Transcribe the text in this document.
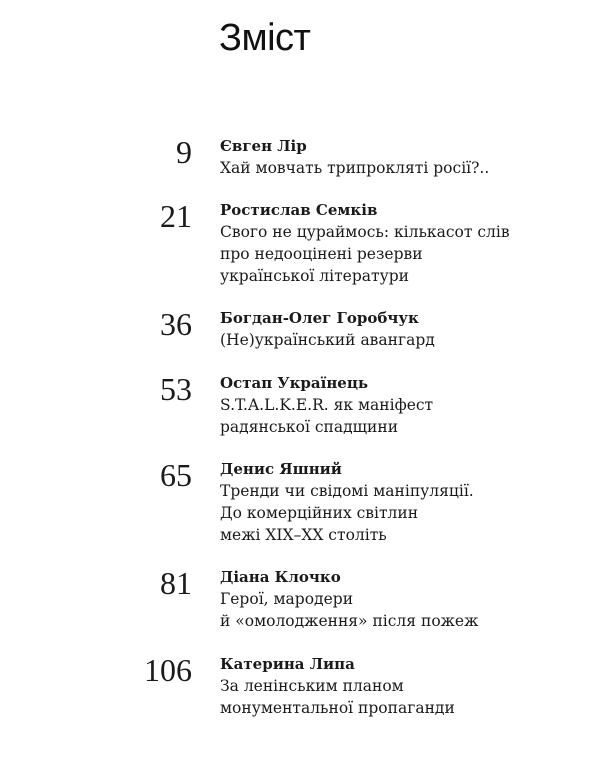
Зміст
9 Євген Лір
Хай мовчать трипрокляті росії?..
21 Ростислав Семків
Свого не цураймось: кількасот слів
про недооцінені резерви
української літератури
36 Богдан-Олег Горобчук
(Не)український авангард
53 Остап Українець
S.T.A.L.K.E.R. як маніфест
радянської спадщини
65 Денис Яшний
Тренди чи свідомі маніпуляції.
До комерційних світлин
межі XIX–XX століть
81 Діана Клочко
Герої, мародери
й «омолодження» після пожеж
106 Катерина Липа
За ленінським планом
монументальної пропаганди
